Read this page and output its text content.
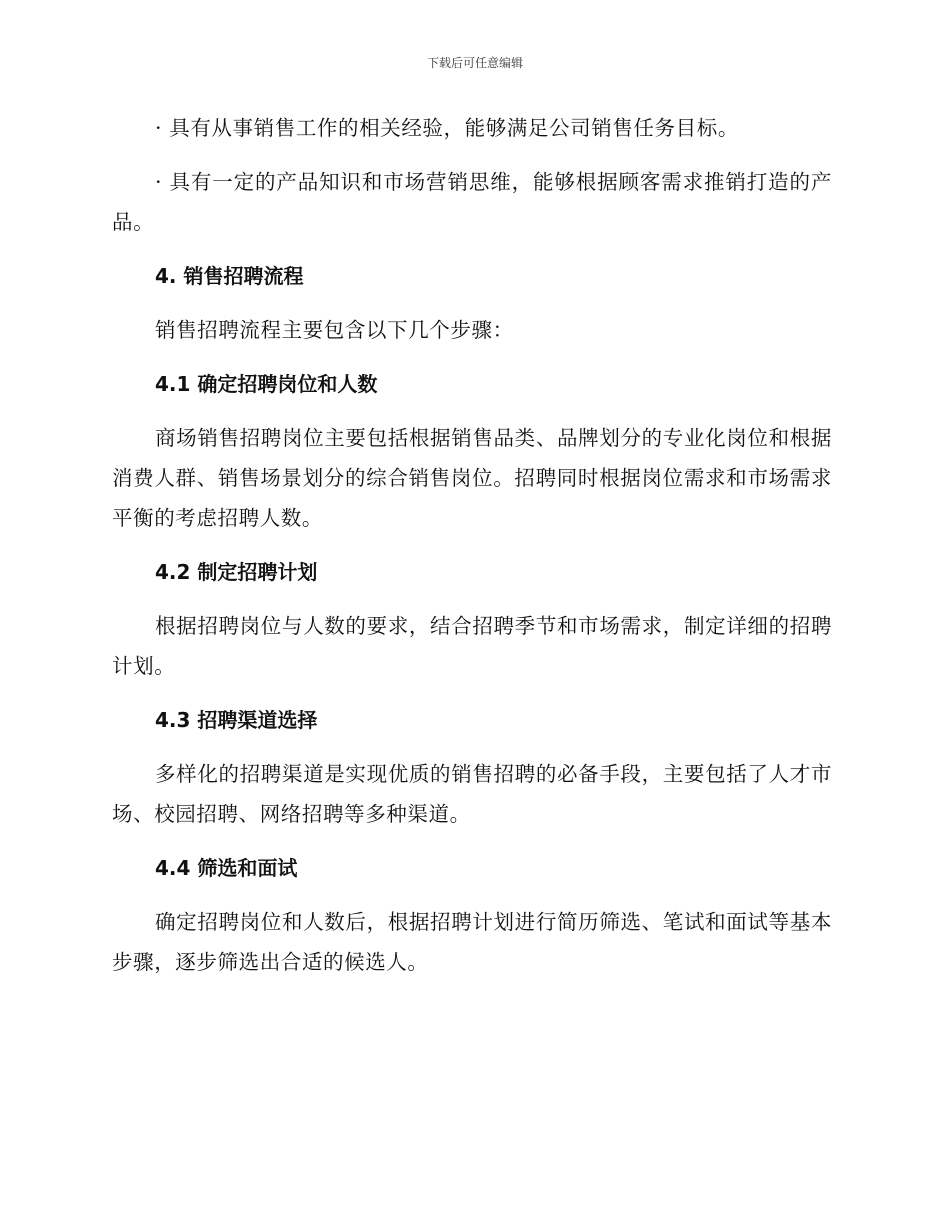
下载后可任意编辑

· 具有从事销售工作的相关经验，能够满足公司销售任务目标。

· 具有一定的产品知识和市场营销思维，能够根据顾客需求推销打造的产品。

4. 销售招聘流程

销售招聘流程主要包含以下几个步骤：

4.1 确定招聘岗位和人数

商场销售招聘岗位主要包括根据销售品类、品牌划分的专业化岗位和根据消费人群、销售场景划分的综合销售岗位。招聘同时根据岗位需求和市场需求平衡的考虑招聘人数。

4.2 制定招聘计划

根据招聘岗位与人数的要求，结合招聘季节和市场需求，制定详细的招聘计划。

4.3 招聘渠道选择

多样化的招聘渠道是实现优质的销售招聘的必备手段，主要包括了人才市场、校园招聘、网络招聘等多种渠道。

4.4 筛选和面试

确定招聘岗位和人数后，根据招聘计划进行简历筛选、笔试和面试等基本步骤，逐步筛选出合适的候选人。
